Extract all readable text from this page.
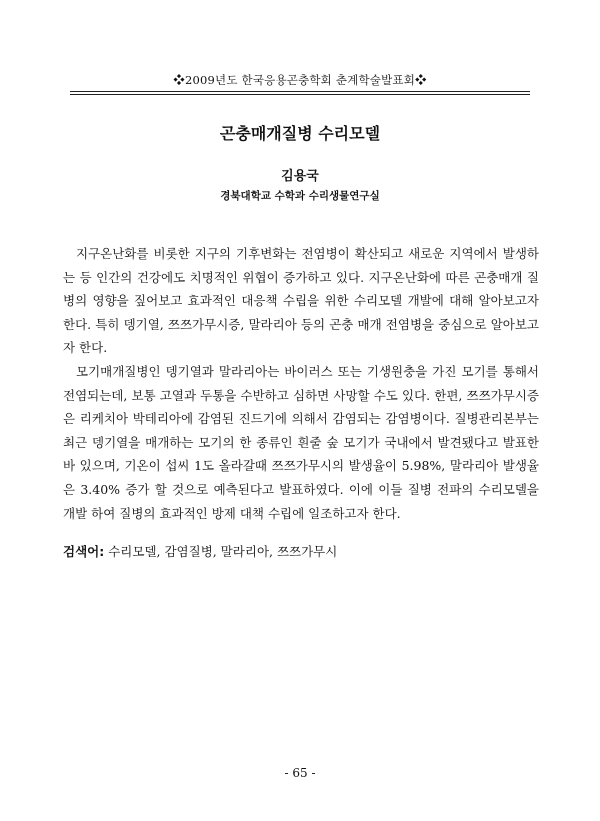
❖2009년도 한국응용곤충학회 춘계학술발표회❖
곤충매개질병 수리모델
김용국
경북대학교 수학과 수리생물연구실

지구온난화를 비롯한 지구의 기후변화는 전염병이 확산되고 새로운 지역에서 발생하는 등 인간의 건강에도 치명적인 위협이 증가하고 있다. 지구온난화에 따른 곤충매개 질병의 영향을 짚어보고 효과적인 대응책 수립을 위한 수리모델 개발에 대해 알아보고자 한다. 특히 뎅기열, 쯔쯔가무시증, 말라리아 등의 곤충 매개 전염병을 중심으로 알아보고자 한다.

모기매개질병인 뎅기열과 말라리아는 바이러스 또는 기생원충을 가진 모기를 통해서 전염되는데, 보통 고열과 두통을 수반하고 심하면 사망할 수도 있다. 한편, 쯔쯔가무시증은 리케치아 박테리아에 감염된 진드기에 의해서 감염되는 감염병이다. 질병관리본부는 최근 뎅기열을 매개하는 모기의 한 종류인 흰줄 숲 모기가 국내에서 발견됐다고 발표한 바 있으며, 기온이 섭씨 1도 올라갈때 쯔쯔가무시의 발생율이 5.98%, 말라리아 발생율은 3.40% 증가 할 것으로 예측된다고 발표하였다. 이에 이들 질병 전파의 수리모델을 개발 하여 질병의 효과적인 방제 대책 수립에 일조하고자 한다.

검색어: 수리모델, 감염질병, 말라리아, 쯔쯔가무시
- 65 -
